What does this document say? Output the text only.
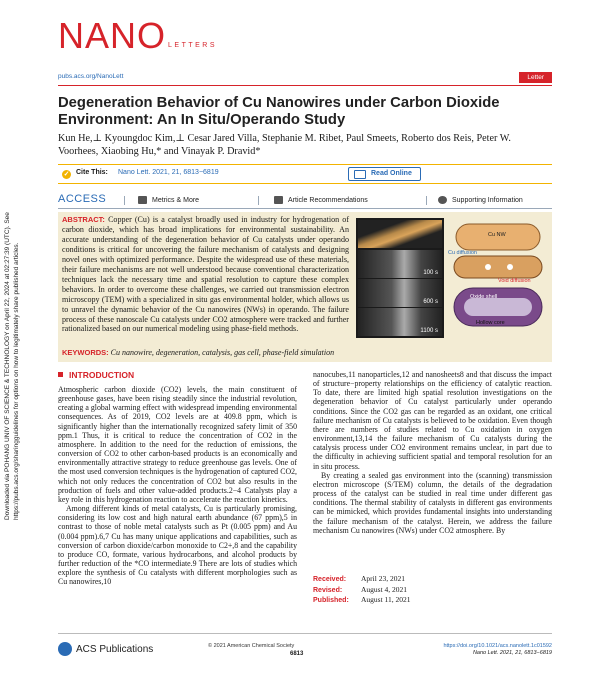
NANO LETTERS
pubs.acs.org/NanoLett	Letter
Degeneration Behavior of Cu Nanowires under Carbon Dioxide Environment: An In Situ/Operando Study
Kun He,⊥ Kyoungdoc Kim,⊥ Cesar Jared Villa, Stephanie M. Ribet, Paul Smeets, Roberto dos Reis, Peter W. Voorhees, Xiaobing Hu,* and Vinayak P. Dravid*
✓ Cite This: Nano Lett. 2021, 21, 6813−6819	Read Online
ACCESS	Metrics & More	Article Recommendations	Supporting Information
ABSTRACT: Copper (Cu) is a catalyst broadly used in industry for hydrogenation of carbon dioxide, which has broad implications for environmental sustainability. An accurate understanding of the degeneration behavior of Cu catalysts under operando conditions is critical for uncovering the failure mechanism of catalysts and designing novel ones with optimized performance. Despite the widespread use of these materials, their failure mechanisms are not well understood because conventional characterization techniques lack the necessary time and spatial resolution to capture these complex behaviors. In order to overcome these challenges, we carried out transmission electron microscopy (TEM) with a specialized in situ gas environmental holder, which allows us to unravel the dynamic behavior of the Cu nanowires (NWs) in operando. The failure process of these nanoscale Cu catalysts under CO2 atmosphere were tracked and further rationalized based on our numerical modeling using phase-field methods.
KEYWORDS: Cu nanowire, degeneration, catalysis, gas cell, phase-field simulation
100 s
600 s
1100 s
Cu NW
Cu diffusion
Void diffusion
Oxide shell
Hollow core
Downloaded via POHANG UNIV OF SCIENCE & TECHNOLOGY on April 22, 2024 at 02:27:39 (UTC). See https://pubs.acs.org/sharingguidelines for options on how to legitimately share published articles.	INTRODUCTION

Atmospheric carbon dioxide (CO2) levels, the main constituent of greenhouse gases, have been rising steadily since the industrial revolution, creating a global warming effect with widespread impending environmental consequences. As of 2019, CO2 levels are at 409.8 ppm, which is significantly higher than the internationally recognized safety limit of 350 ppm.1 Thus, it is critical to reduce the concentration of CO2 in the atmosphere. In addition to the need for the reduction of emissions, the conversion of CO2 to other carbon-based products is an economically and environmentally attractive strategy to reduce greenhouse gas levels. One of the most used conversion techniques is the hydrogenation of captured CO2, which not only reduces the concentration of CO2 but also results in the production of fuels and other value-added products.2−4 Catalysts play a key role in this hydrogenation reaction to accelerate the reaction kinetics.

Among different kinds of metal catalysts, Cu is particularly promising, considering its low cost and high natural earth abundance (67 ppm),5 in contrast to those of noble metal catalysts such as Pt (0.005 ppm) and Au (0.004 ppm).6,7 Cu has many unique applications and capabilities, such as conversion of carbon dioxide/carbon monoxide to C2+,8 and the capability to produce CO, formate, various hydrocarbons, and alcohol products by further reduction of the *CO intermediate.9 There are lots of studies which explore the synthesis of Cu catalysts with different morphologies such as Cu nanowires,10

nanocubes,11 nanoparticles,12 and nanosheets8 and that discuss the impact of structure−property relationships on the efficiency of catalytic reaction. To date, there are limited high spatial resolution investigations on the degeneration behavior of Cu catalyst particularly under operando conditions. Since the CO2 gas can be regarded as an oxidant, one critical failure mechanism of Cu catalysts is believed to be oxidation. Even though there are numbers of studies related to Cu oxidation in oxygen environment,13,14 the failure mechanism of Cu catalysts during the catalysis process under CO2 environment remains unclear, in part due to the difficulty in achieving sufficient spatial and temporal resolution for an in situ process.

By creating a sealed gas environment into the (scanning) transmission electron microscope (S/TEM) column, the details of the degradation process of the catalyst can be studied in real time under different gas conditions. The thermal stability of catalysts in different gas environments can be mimicked, which provides fundamental insights into understanding the failure mechanism of the catalyst. Herein, we address the failure mechanism Cu nanowires (NWs) under CO2 atmosphere. By

Received: April 23, 2021
Revised:	August 4, 2021
Published: August 11, 2021
ACS Publications	© 2021 American Chemical Society
6813
https://doi.org/10.1021/acs.nanolett.1c01592
Nano Lett. 2021, 21, 6813−6819
